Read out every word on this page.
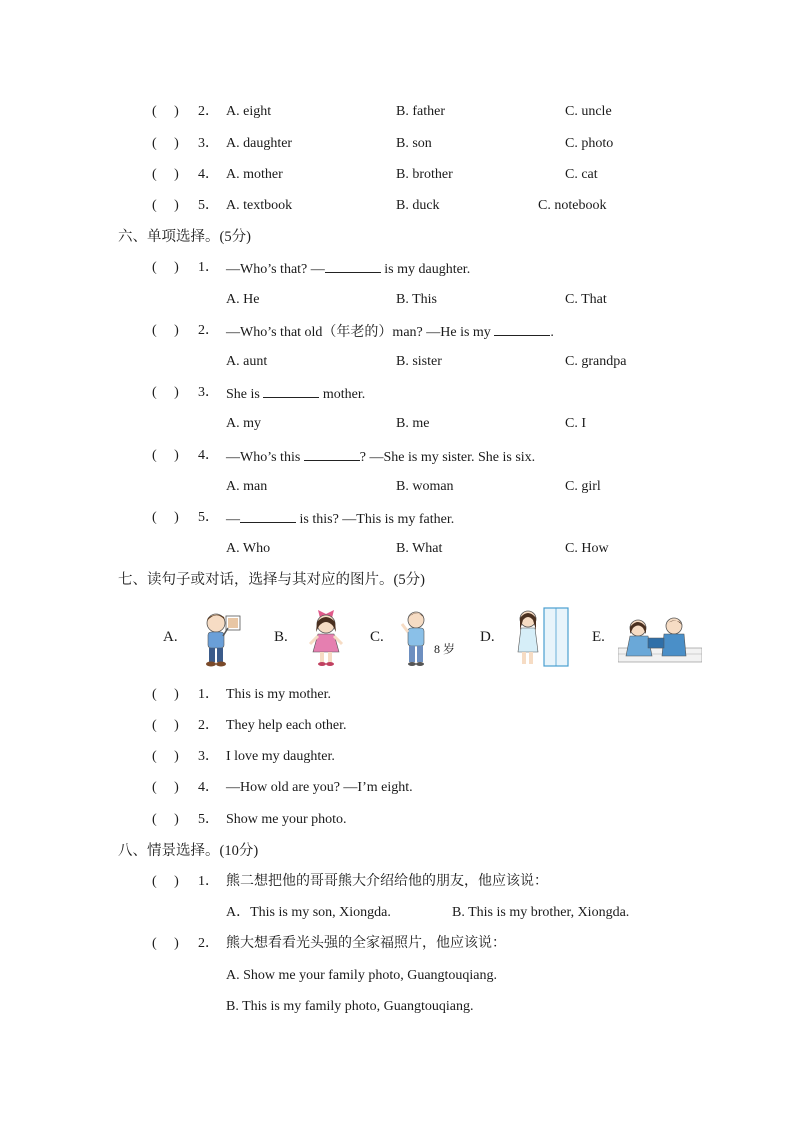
(　 ) 2． A. eight	B. father	C. uncle
(　 ) 3． A. daughter	B. son	C. photo
(　 ) 4． A. mother	B. brother	C. cat
(　 ) 5． A. textbook	B. duck	C. notebook
六、单项选择。(5分)
(　 ) 1． —Who’s that? —	is my daughter.
A. He	B. This	C. That
(　 ) 2． —Who’s that old（年老的）man? —He is my	.
A. aunt	B. sister	C. grandpa
(　 ) 3． She is	mother.
A. my	B. me	C. I
(　 ) 4． —Who’s this	? —She is my sister. She is six.
A. man	B. woman	C. girl
(　 ) 5． —	is this? —This is my father.
A. Who	B. What	C. How
七、读句子或对话，选择与其对应的图片。(5分)
A.	B.	C.
8 岁
D.	E.
(　 ) 1． This is my mother.
(　 ) 2． They help each other.
(　 ) 3． I love my daughter.
(　 ) 4． —How old are you? —I’m eight.
(　 ) 5． Show me your photo.
八、情景选择。(10分)
(　 ) 1． 熊二想把他的哥哥熊大介绍给他的朋友，他应该说：
A．This is my son, Xiongda.	B. This is my brother, Xiongda.
(　 ) 2． 熊大想看看光头强的全家福照片，他应该说：
A. Show me your family photo, Guangtouqiang.
B. This is my family photo, Guangtouqiang.
